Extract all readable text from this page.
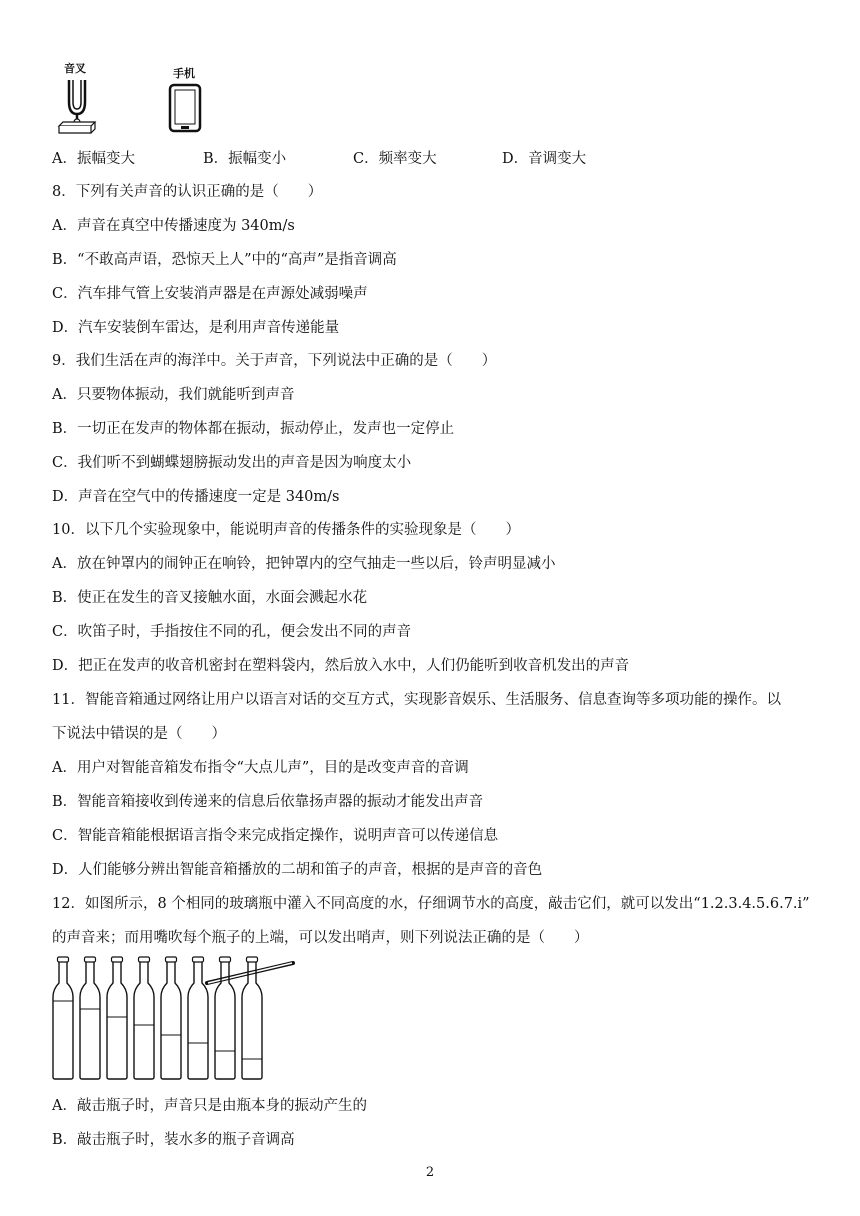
音叉	手机
A．振幅变大	B．振幅变小	C．频率变大	D．音调变大
8．下列有关声音的认识正确的是（　　）
A．声音在真空中传播速度为 340m/s
B．“不敢高声语，恐惊天上人”中的“高声”是指音调高
C．汽车排气管上安装消声器是在声源处减弱噪声
D．汽车安装倒车雷达，是利用声音传递能量
9．我们生活在声的海洋中。关于声音，下列说法中正确的是（　　）
A．只要物体振动，我们就能听到声音
B．一切正在发声的物体都在振动，振动停止，发声也一定停止
C．我们听不到蝴蝶翅膀振动发出的声音是因为响度太小
D．声音在空气中的传播速度一定是 340m/s
10．以下几个实验现象中，能说明声音的传播条件的实验现象是（　　）
A．放在钟罩内的闹钟正在响铃，把钟罩内的空气抽走一些以后，铃声明显减小
B．使正在发生的音叉接触水面，水面会溅起水花
C．吹笛子时，手指按住不同的孔，便会发出不同的声音
D．把正在发声的收音机密封在塑料袋内，然后放入水中，人们仍能听到收音机发出的声音
11．智能音箱通过网络让用户以语言对话的交互方式，实现影音娱乐、生活服务、信息查询等多项功能的操作。以
下说法中错误的是（　　）
A．用户对智能音箱发布指令“大点儿声”，目的是改变声音的音调
B．智能音箱接收到传递来的信息后依靠扬声器的振动才能发出声音
C．智能音箱能根据语言指令来完成指定操作，说明声音可以传递信息
D．人们能够分辨出智能音箱播放的二胡和笛子的声音，根据的是声音的音色
12．如图所示，8 个相同的玻璃瓶中灌入不同高度的水，仔细调节水的高度，敲击它们，就可以发出“1.2.3.4.5.6.7.i”
的声音来；而用嘴吹每个瓶子的上端，可以发出哨声，则下列说法正确的是（　　）
A．敲击瓶子时，声音只是由瓶本身的振动产生的
B．敲击瓶子时，装水多的瓶子音调高
2
